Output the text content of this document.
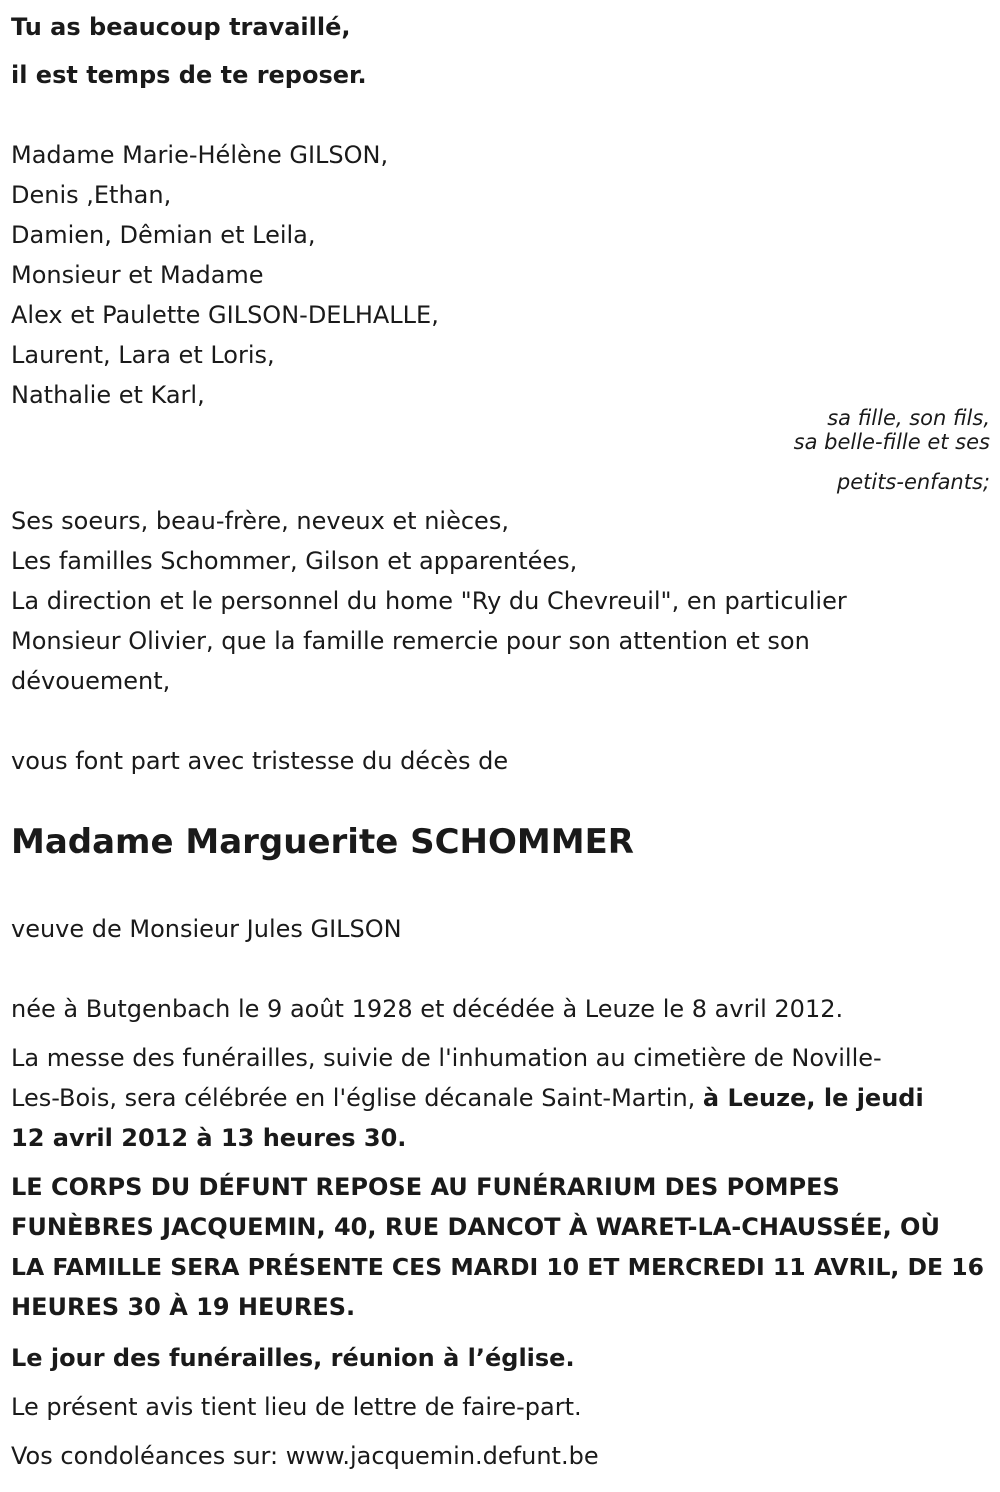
Tu as beaucoup travaillé,

il est temps de te reposer.

Madame Marie-Hélène GILSON,

Denis ,Ethan,

Damien, Dêmian et Leila,

Monsieur et Madame

Alex et Paulette GILSON-DELHALLE,

Laurent, Lara et Loris,

Nathalie et Karl,

sa fille, son fils,

sa belle-fille et ses

petits-enfants;

Ses soeurs, beau-frère, neveux et nièces,

Les familles Schommer, Gilson et apparentées,

La direction et le personnel du home "Ry du Chevreuil", en particulier

Monsieur Olivier, que la famille remercie pour son attention et son

dévouement,

vous font part avec tristesse du décès de

Madame Marguerite SCHOMMER

veuve de Monsieur Jules GILSON

née à Butgenbach le 9 août 1928 et décédée à Leuze le 8 avril 2012.

La messe des funérailles, suivie de l'inhumation au cimetière de Noville-

Les-Bois, sera célébrée en l'église décanale Saint-Martin, à Leuze, le jeudi

12 avril 2012 à 13 heures 30.

LE CORPS DU DÉFUNT REPOSE AU FUNÉRARIUM DES POMPES

FUNÈBRES JACQUEMIN, 40, RUE DANCOT À WARET-LA-CHAUSSÉE, OÙ

LA FAMILLE SERA PRÉSENTE CES MARDI 10 ET MERCREDI 11 AVRIL, DE 16

HEURES 30 À 19 HEURES.

Le jour des funérailles, réunion à l’église.

Le présent avis tient lieu de lettre de faire-part.

Vos condoléances sur: www.jacquemin.defunt.be
